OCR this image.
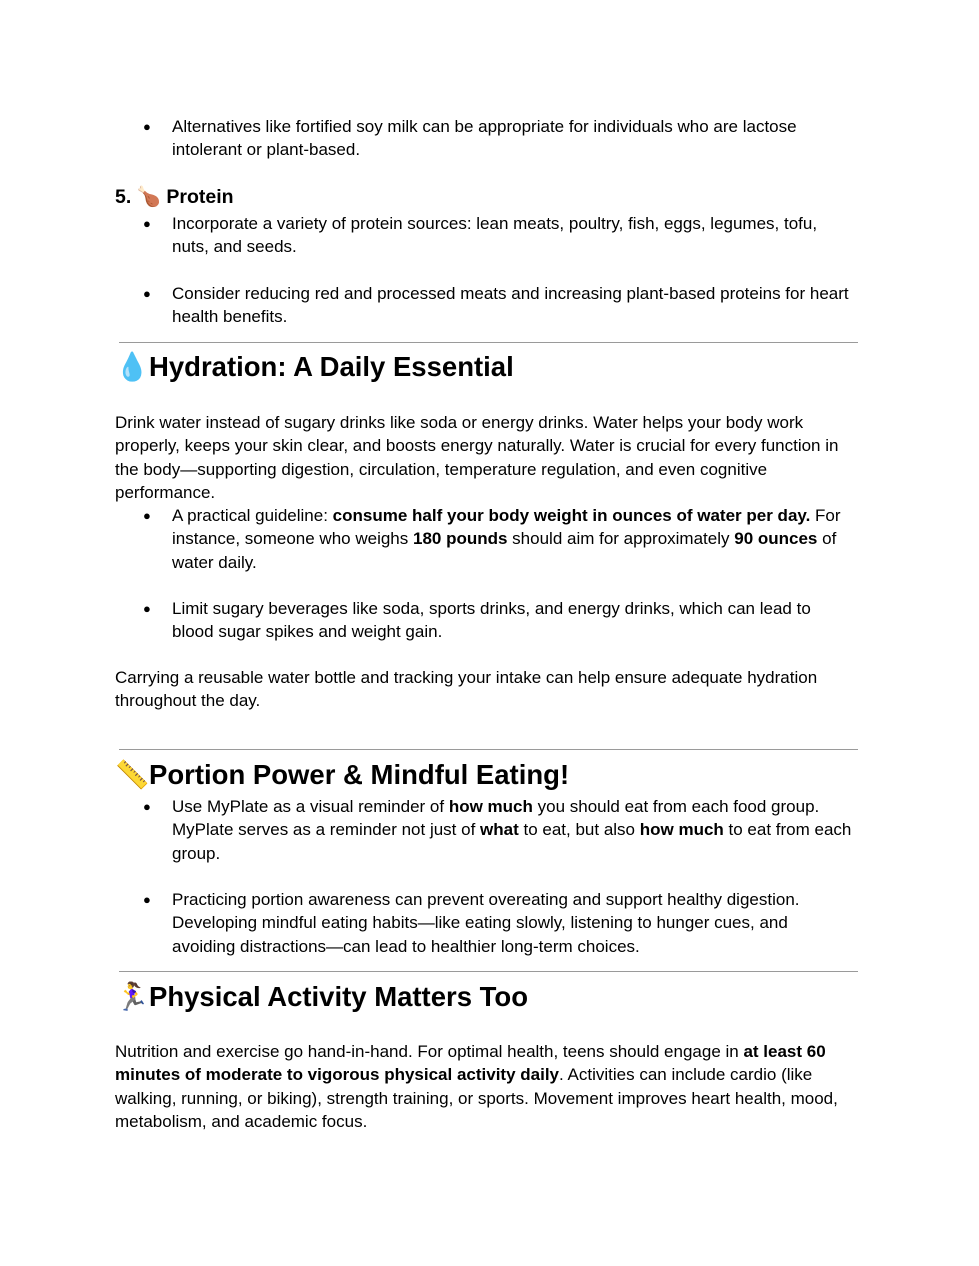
● Alternatives like fortified soy milk can be appropriate for individuals who are lactose intolerant or plant-based.

5. 🍗 Protein
● Incorporate a variety of protein sources: lean meats, poultry, fish, eggs, legumes, tofu, nuts, and seeds.

● Consider reducing red and processed meats and increasing plant-based proteins for heart health benefits.

💧Hydration: A Daily Essential

Drink water instead of sugary drinks like soda or energy drinks. Water helps your body work properly, keeps your skin clear, and boosts energy naturally. Water is crucial for every function in the body—supporting digestion, circulation, temperature regulation, and even cognitive performance.

● A practical guideline: consume half your body weight in ounces of water per day. For instance, someone who weighs 180 pounds should aim for approximately 90 ounces of water daily.

● Limit sugary beverages like soda, sports drinks, and energy drinks, which can lead to blood sugar spikes and weight gain.

Carrying a reusable water bottle and tracking your intake can help ensure adequate hydration throughout the day.

📏Portion Power & Mindful Eating!
● Use MyPlate as a visual reminder of how much you should eat from each food group. MyPlate serves as a reminder not just of what to eat, but also how much to eat from each group.

● Practicing portion awareness can prevent overeating and support healthy digestion. Developing mindful eating habits—like eating slowly, listening to hunger cues, and avoiding distractions—can lead to healthier long-term choices.

🏃‍♀️Physical Activity Matters Too

Nutrition and exercise go hand-in-hand. For optimal health, teens should engage in at least 60 minutes of moderate to vigorous physical activity daily. Activities can include cardio (like walking, running, or biking), strength training, or sports. Movement improves heart health, mood, metabolism, and academic focus.
